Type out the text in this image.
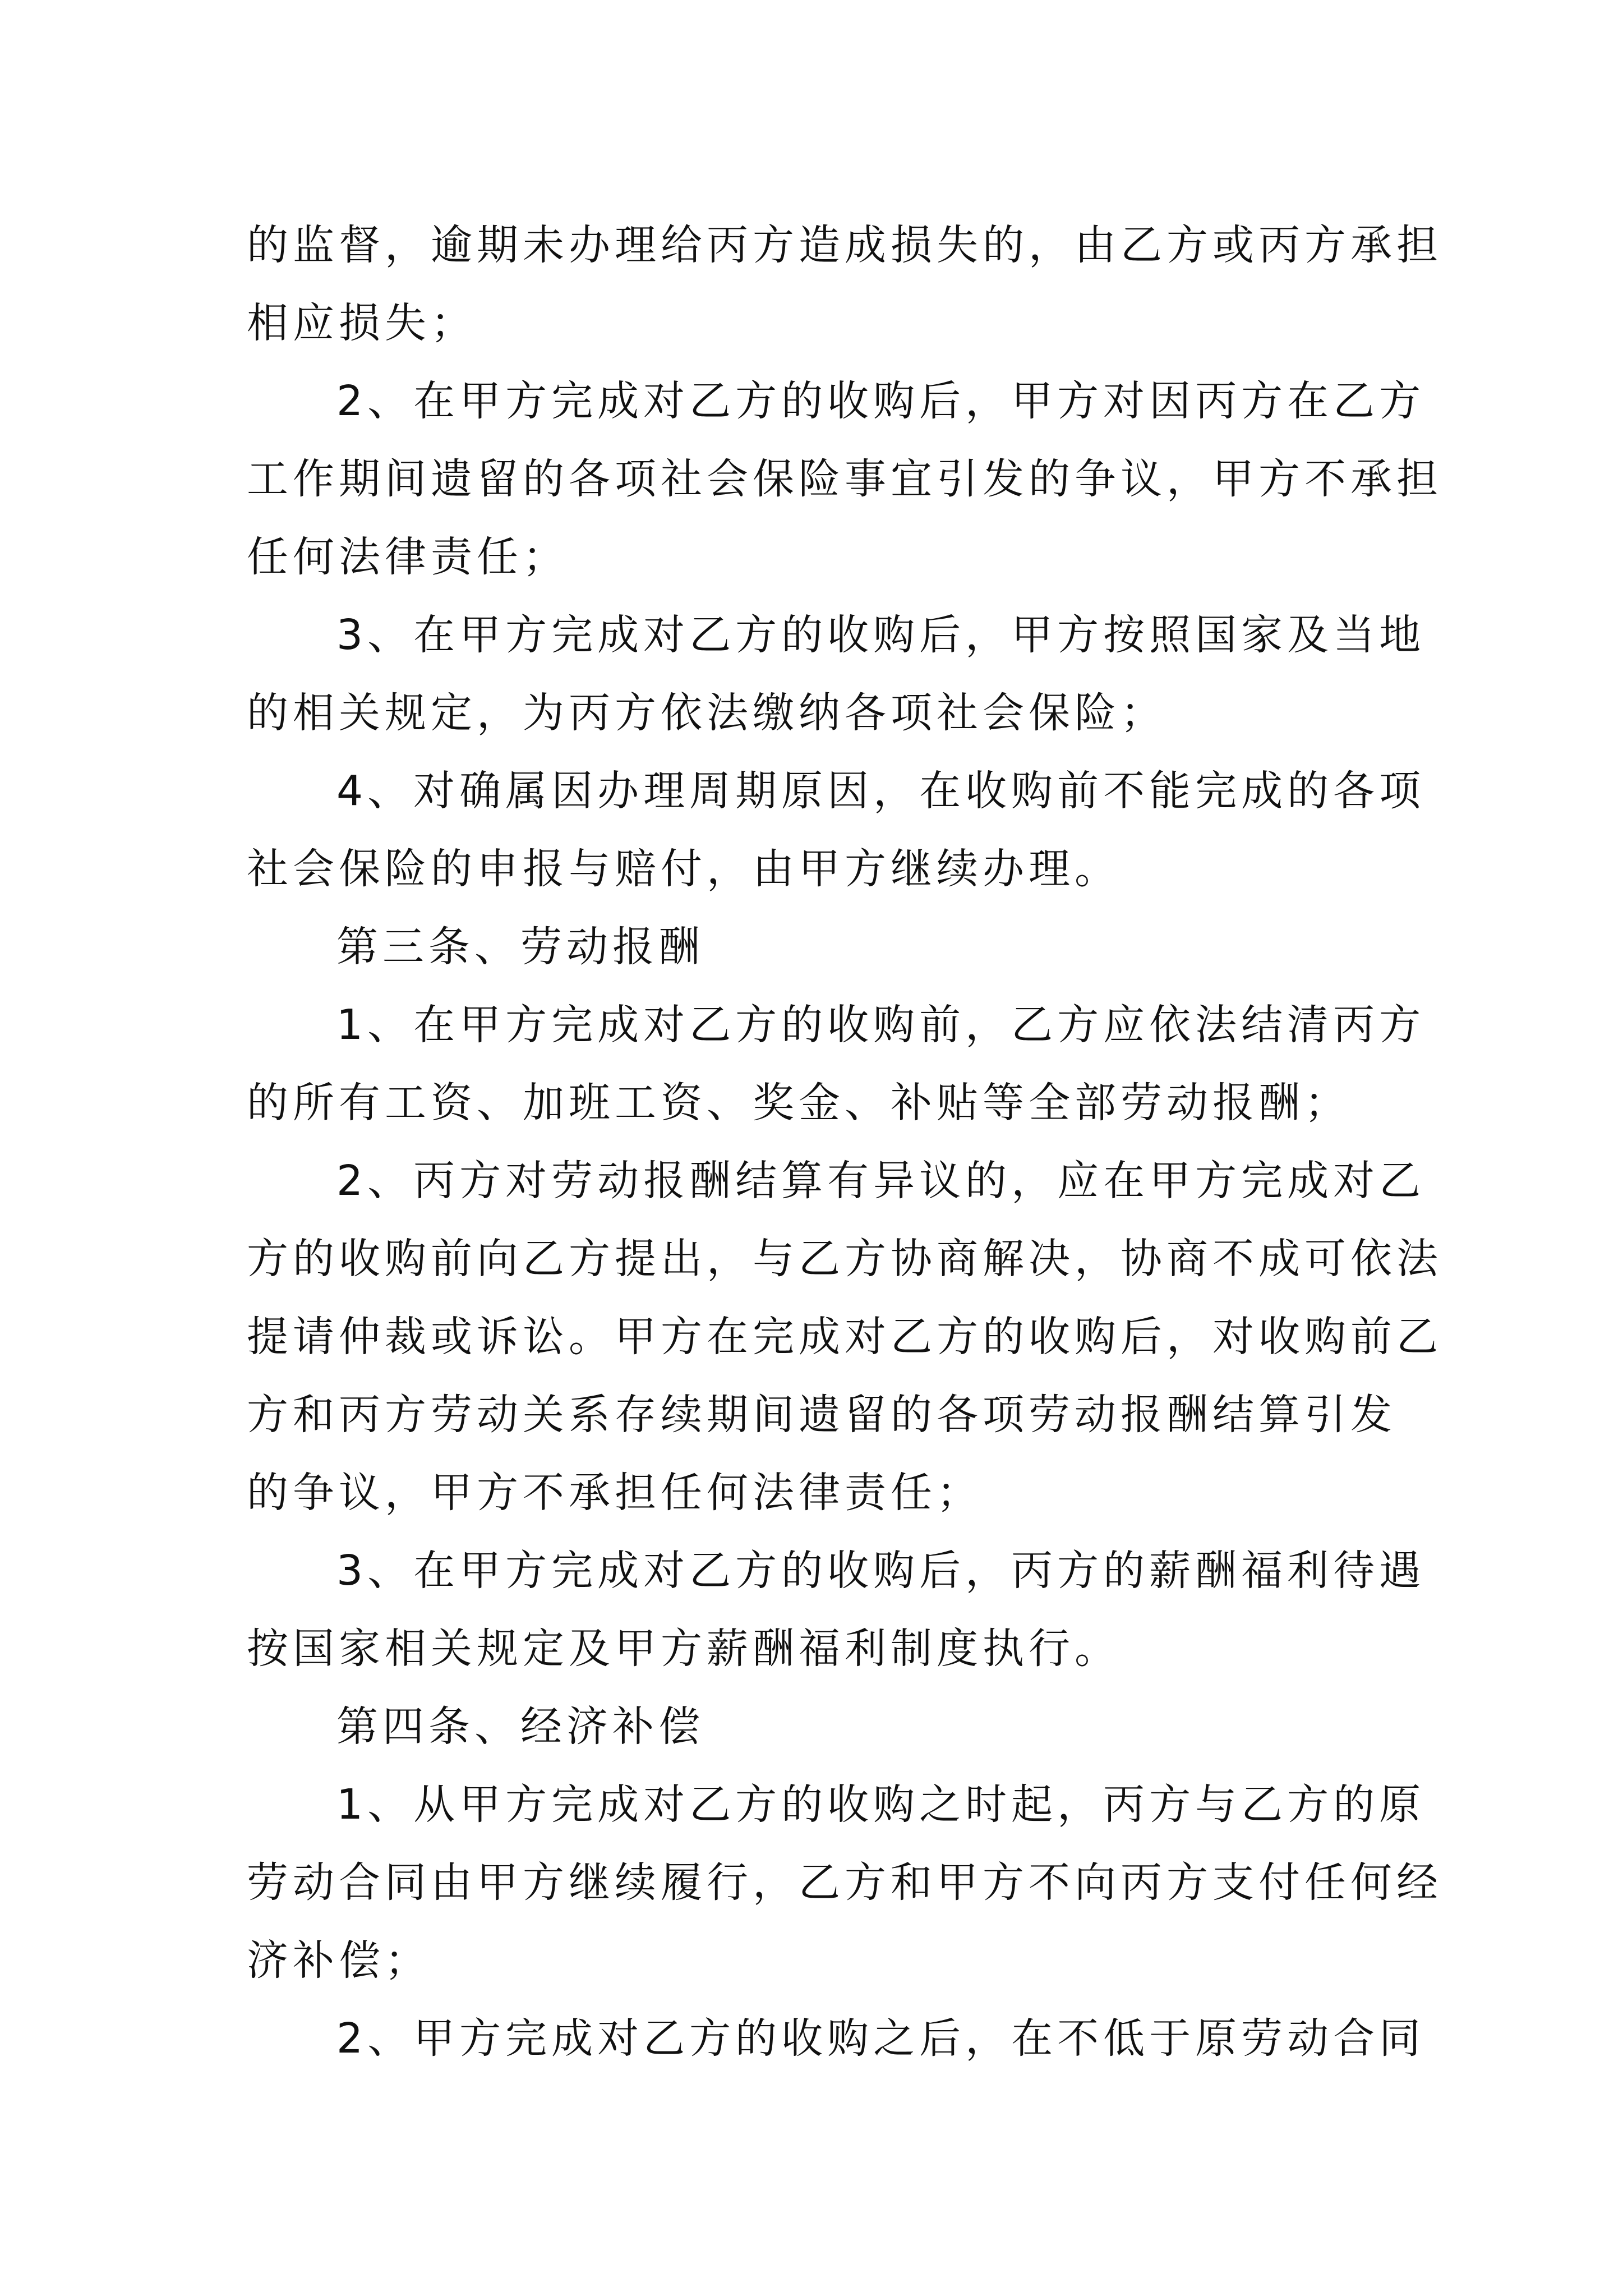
的监督，逾期未办理给丙方造成损失的，由乙方或丙方承担
相应损失；
2、在甲方完成对乙方的收购后，甲方对因丙方在乙方
工作期间遗留的各项社会保险事宜引发的争议，甲方不承担
任何法律责任；
3、在甲方完成对乙方的收购后，甲方按照国家及当地
的相关规定，为丙方依法缴纳各项社会保险；
4、对确属因办理周期原因，在收购前不能完成的各项
社会保险的申报与赔付，由甲方继续办理。
第三条、劳动报酬
1、在甲方完成对乙方的收购前，乙方应依法结清丙方
的所有工资、加班工资、奖金、补贴等全部劳动报酬；
2、丙方对劳动报酬结算有异议的，应在甲方完成对乙
方的收购前向乙方提出，与乙方协商解决，协商不成可依法
提请仲裁或诉讼。甲方在完成对乙方的收购后，对收购前乙
方和丙方劳动关系存续期间遗留的各项劳动报酬结算引发
的争议，甲方不承担任何法律责任；
3、在甲方完成对乙方的收购后，丙方的薪酬福利待遇
按国家相关规定及甲方薪酬福利制度执行。
第四条、经济补偿
1、从甲方完成对乙方的收购之时起，丙方与乙方的原
劳动合同由甲方继续履行，乙方和甲方不向丙方支付任何经
济补偿；
2、甲方完成对乙方的收购之后，在不低于原劳动合同
